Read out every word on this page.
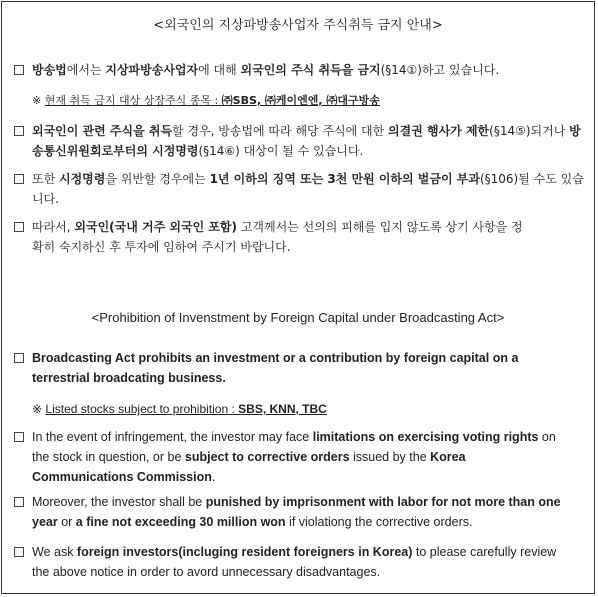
<외국인의 지상파방송사업자 주식취득 금지 안내>
방송법에서는 지상파방송사업자에 대해 외국인의 주식 취득을 금지(§14①)하고 있습니다.
※ 현재 취득 금지 대상 상장주식 종목 : ㈜SBS, ㈜케이엔엔, ㈜대구방송
외국인이 관련 주식을 취득할 경우, 방송법에 따라 해당 주식에 대한 의결권 행사가 제한(§14⑤)되거나 방송통신위원회로부터의 시정명령(§14⑥) 대상이 될 수 있습니다.
또한 시정명령을 위반할 경우에는 1년 이하의 징역 또는 3천 만원 이하의 벌금이 부과(§106)될 수도 있습니다.
따라서, 외국인(국내 거주 외국인 포함) 고객께서는 선의의 피해를 입지 않도록 상기 사항을 정확히 숙지하신 후 투자에 임하여 주시기 바랍니다.
<Prohibition of Invenstment by Foreign Capital under Broadcasting Act>
Broadcasting Act prohibits an investment or a contribution by foreign capital on a terrestrial broadcating business.
※ Listed stocks subject to prohibition : SBS, KNN, TBC
In the event of infringement, the investor may face limitations on exercising voting rights on the stock in question, or be subject to corrective orders issued by the Korea Communications Commission.
Moreover, the investor shall be punished by imprisonment with labor for not more than one year or a fine not exceeding 30 million won if violationg the corrective orders.
We ask foreign investors(incluging resident foreigners in Korea) to please carefully review the above notice in order to avord unnecessary disadvantages.
